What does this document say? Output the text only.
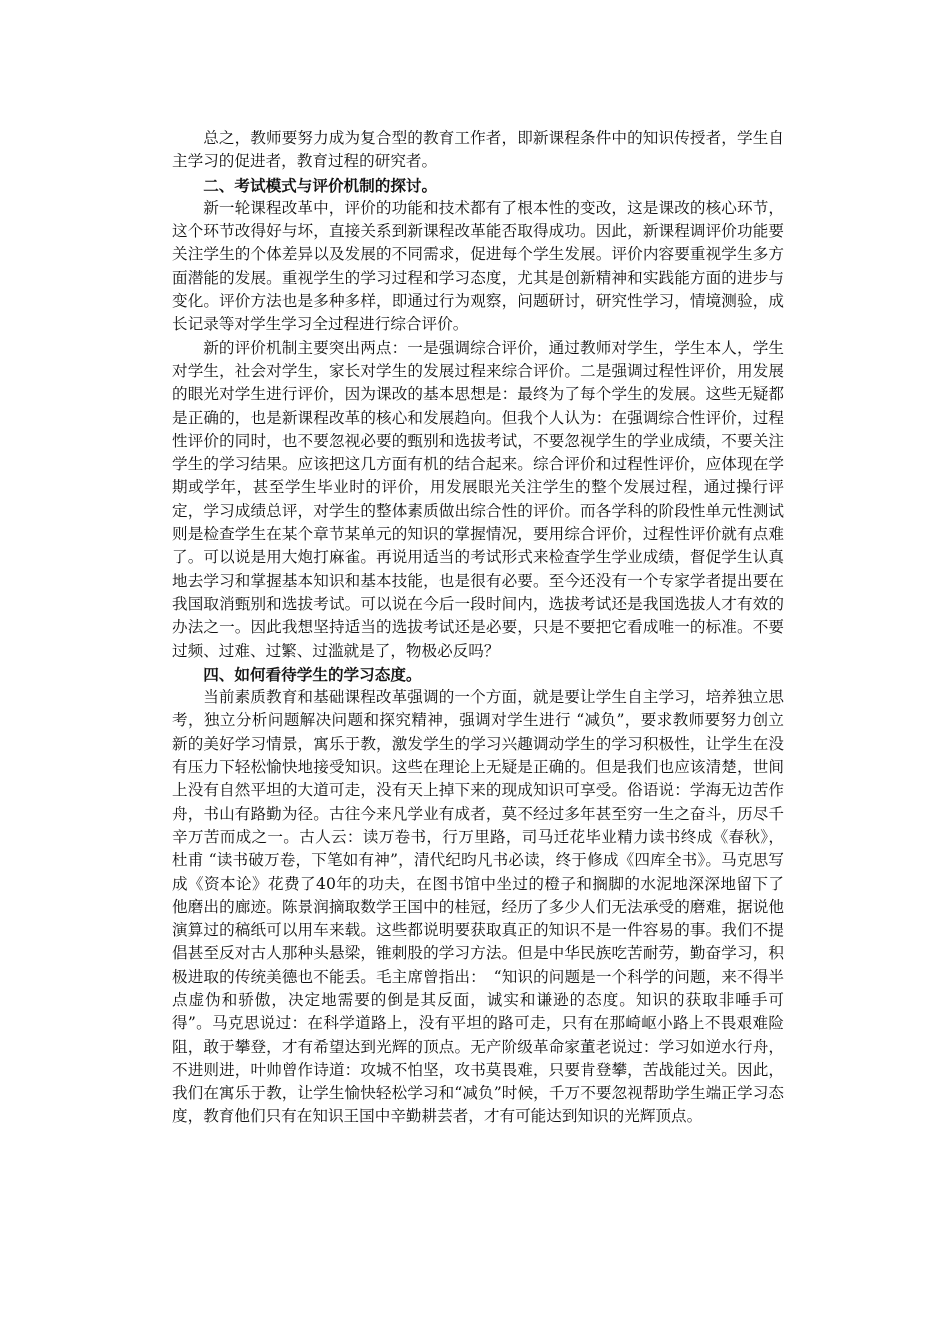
总之，教师要努力成为复合型的教育工作者，即新课程条件中的知识传授者，学生自主学习的促进者，教育过程的研究者。

二、考试模式与评价机制的探讨。

新一轮课程改革中，评价的功能和技术都有了根本性的变改，这是课改的核心环节，这个环节改得好与坏，直接关系到新课程改革能否取得成功。因此，新课程调评价功能要关注学生的个体差异以及发展的不同需求，促进每个学生发展。评价内容要重视学生多方面潜能的发展。重视学生的学习过程和学习态度，尤其是创新精神和实践能方面的进步与变化。评价方法也是多种多样，即通过行为观察，问题研讨，研究性学习，情境测验，成长记录等对学生学习全过程进行综合评价。

新的评价机制主要突出两点：一是强调综合评价，通过教师对学生，学生本人，学生对学生，社会对学生，家长对学生的发展过程来综合评价。二是强调过程性评价，用发展的眼光对学生进行评价，因为课改的基本思想是：最终为了每个学生的发展。这些无疑都是正确的，也是新课程改革的核心和发展趋向。但我个人认为：在强调综合性评价，过程性评价的同时，也不要忽视必要的甄别和选拔考试，不要忽视学生的学业成绩，不要关注学生的学习结果。应该把这几方面有机的结合起来。综合评价和过程性评价，应体现在学期或学年，甚至学生毕业时的评价，用发展眼光关注学生的整个发展过程，通过操行评定，学习成绩总评，对学生的整体素质做出综合性的评价。而各学科的阶段性单元性测试则是检查学生在某个章节某单元的知识的掌握情况，要用综合评价，过程性评价就有点难了。可以说是用大炮打麻雀。再说用适当的考试形式来检查学生学业成绩，督促学生认真地去学习和掌握基本知识和基本技能，也是很有必要。至今还没有一个专家学者提出要在我国取消甄别和选拔考试。可以说在今后一段时间内，选拔考试还是我国选拔人才有效的办法之一。因此我想坚持适当的选拔考试还是必要，只是不要把它看成唯一的标准。不要过频、过难、过繁、过滥就是了，物极必反吗？

四、如何看待学生的学习态度。

当前素质教育和基础课程改革强调的一个方面，就是要让学生自主学习，培养独立思考，独立分析问题解决问题和探究精神，强调对学生进行 “减负”，要求教师要努力创立新的美好学习情景，寓乐于教，激发学生的学习兴趣调动学生的学习积极性，让学生在没有压力下轻松愉快地接受知识。这些在理论上无疑是正确的。但是我们也应该清楚，世间上没有自然平坦的大道可走，没有天上掉下来的现成知识可享受。俗语说：学海无边苦作舟，书山有路勤为径。古往今来凡学业有成者，莫不经过多年甚至穷一生之奋斗，历尽千辛万苦而成之一。古人云：读万卷书，行万里路，司马迁花毕业精力读书终成《春秋》，杜甫 “读书破万卷，下笔如有神”，清代纪昀凡书必读，终于修成《四库全书》。马克思写成《资本论》花费了40年的功夫，在图书馆中坐过的橙子和搁脚的水泥地深深地留下了他磨出的廊迹。陈景润摘取数学王国中的桂冠，经历了多少人们无法承受的磨难，据说他演算过的稿纸可以用车来载。这些都说明要获取真正的知识不是一件容易的事。我们不提倡甚至反对古人那种头悬梁，锥刺股的学习方法。但是中华民族吃苦耐劳，勤奋学习，积极进取的传统美德也不能丢。毛主席曾指出：　“知识的问题是一个科学的问题，来不得半点虚伪和骄傲，决定地需要的倒是其反面，诚实和谦逊的态度。知识的获取非唾手可得”。马克思说过：在科学道路上，没有平坦的路可走，只有在那崎岖小路上不畏艰难险阻，敢于攀登，才有希望达到光辉的顶点。无产阶级革命家董老说过：学习如逆水行舟，不进则进，叶帅曾作诗道：攻城不怕坚，攻书莫畏难，只要肯登攀，苦战能过关。因此，我们在寓乐于教，让学生愉快轻松学习和“减负”时候，千万不要忽视帮助学生端正学习态度，教育他们只有在知识王国中辛勤耕芸者，才有可能达到知识的光辉顶点。
